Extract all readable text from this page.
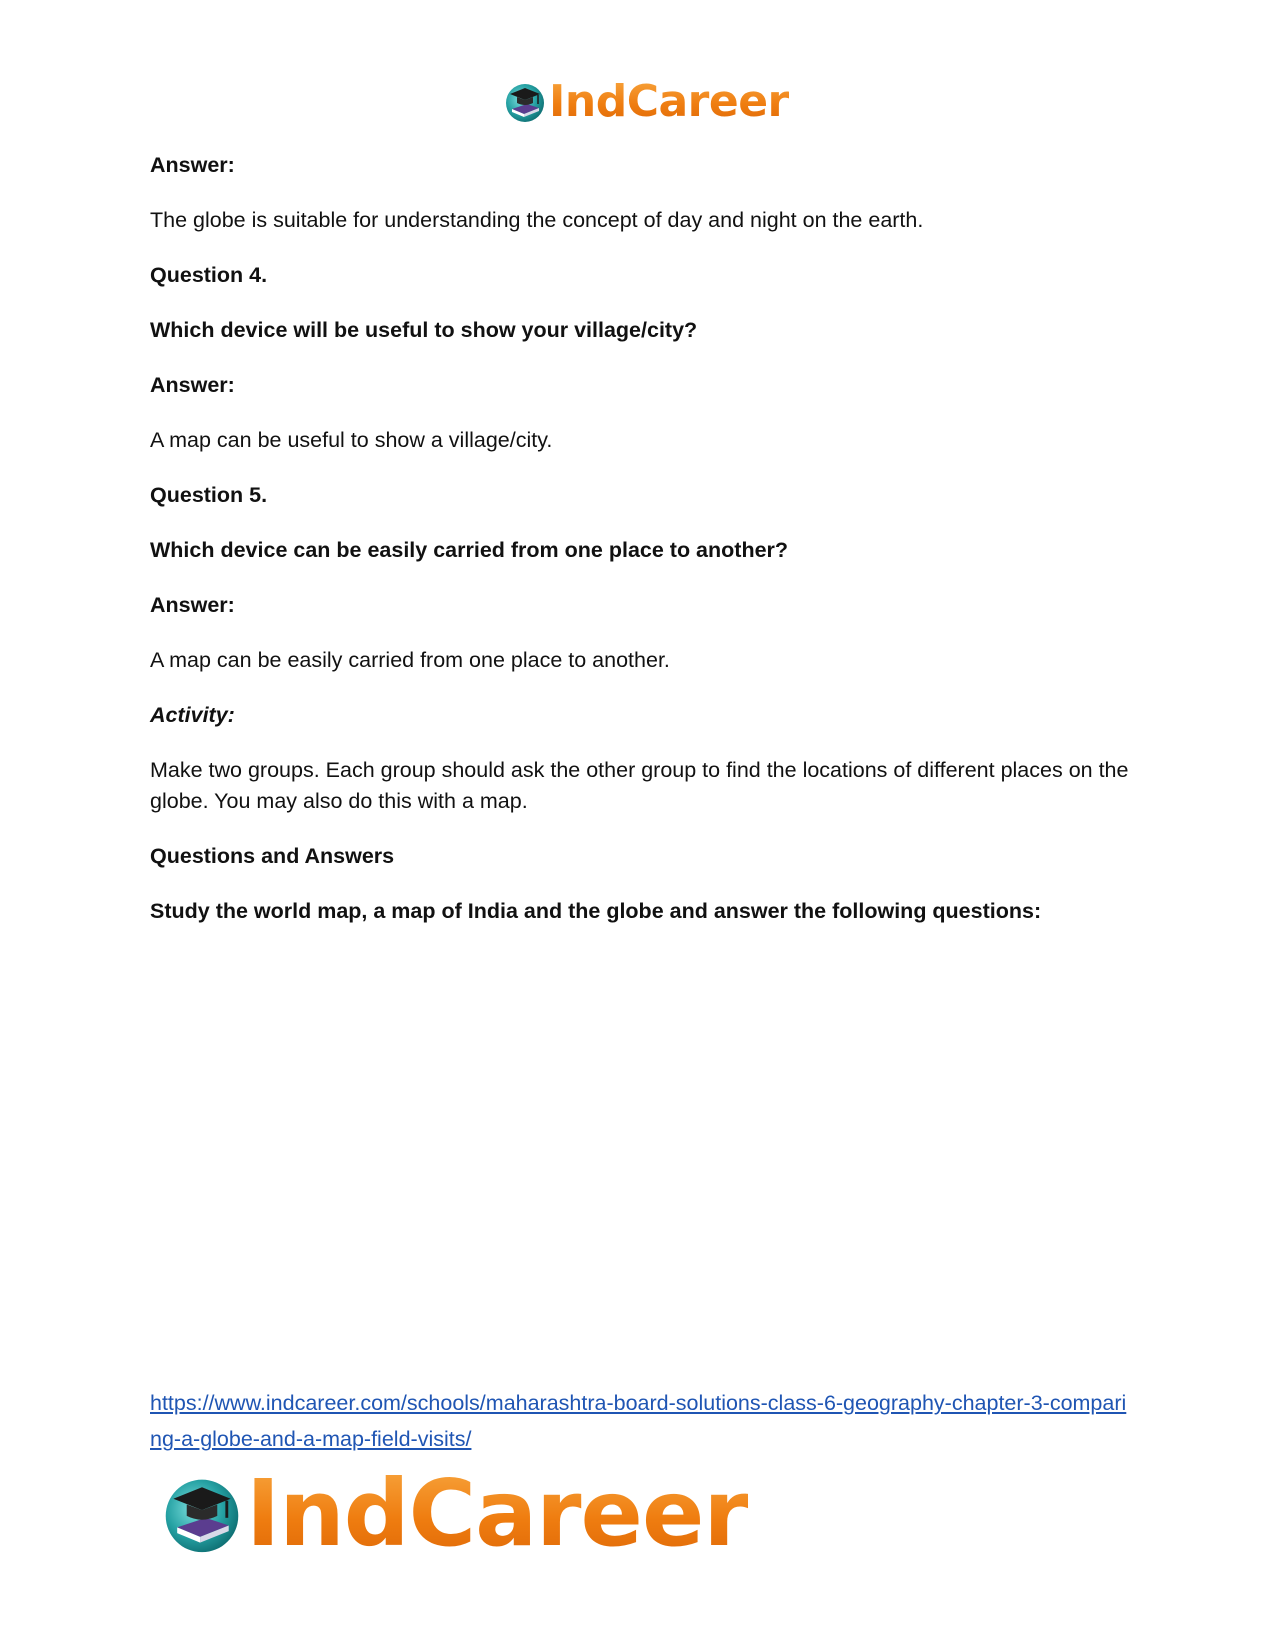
IndCareer

Answer:

The globe is suitable for understanding the concept of day and night on the earth.

Question 4.

Which device will be useful to show your village/city?

Answer:

A map can be useful to show a village/city.

Question 5.

Which device can be easily carried from one place to another?

Answer:

A map can be easily carried from one place to another.

Activity:

Make two groups. Each group should ask the other group to find the locations of different places on the globe. You may also do this with a map.

Questions and Answers

Study the world map, a map of India and the globe and answer the following questions:

https://www.indcareer.com/schools/maharashtra-board-solutions-class-6-geography-chapter-3-comparing-a-globe-and-a-map-field-visits/
IndCareer
